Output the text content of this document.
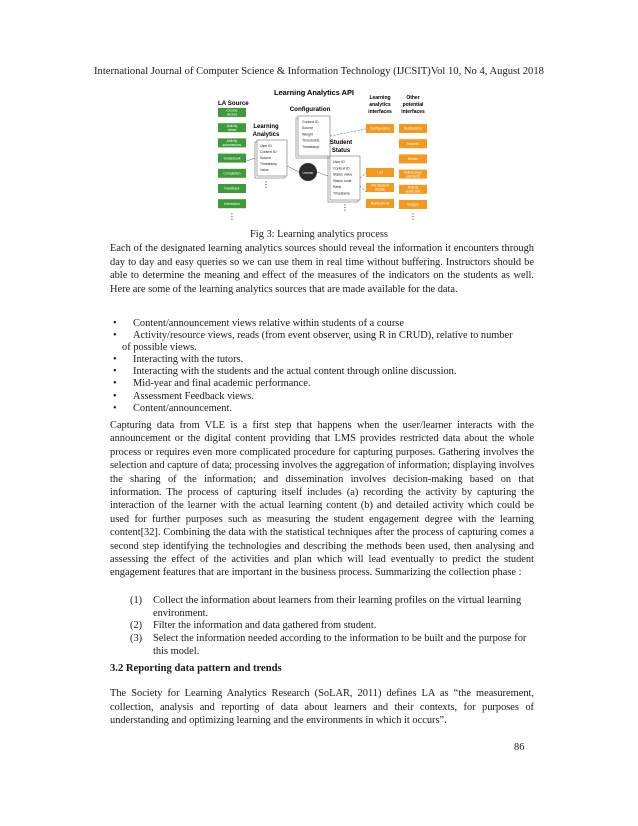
International Journal of Computer Science & Information Technology (IJCSIT)Vol 10, No 4, August 2018
Learning Analytics API
LA Source
Configuration
Learning
analytics
interfaces
Other
potential
interfaces
Course
access
Activity
views
Activity
submissions
Gradebook
Completion
Feedback
Interaction
Context ID
Source
Weight
Thresholds
Timestamp
Learning
Analytics
User ID
Context ID
Source
Timestamp
Value
⋮
Student
Status
User ID
Context ID
Status value
Status code
Rank
Timestamp
⋮
Learner
Configuration
List
Per student
details
Notifications
Notifications
Reports
Blocks
Follow page
elements
Activity
restriction
Badges
⋮	⋮
Fig 3: Learning analytics process

Each of the designated learning analytics sources should reveal the information it encounters through day to day and easy queries so we can use them in real time without buffering. Instructors should be able to determine the meaning and effect of the measures of the indicators on the students as well. Here are some of the learning analytics sources that are made available for the data.

• Content/announcement views relative within students of a course
• Activity/resource views, reads (from event observer, using R in CRUD), relative to number
of possible views.
• Interacting with the tutors.
• Interacting with the students and the actual content through online discussion.
• Mid-year and final academic performance.
• Assessment Feedback views.
• Content/announcement.

Capturing data from VLE is a first step that happens when the user/learner interacts with the announcement or the digital content providing that LMS provides restricted data about the whole process or requires even more complicated procedure for capturing purposes. Gathering involves the selection and capture of data; processing involves the aggregation of information; displaying involves the sharing of the information; and dissemination involves decision-making based on that information. The process of capturing itself includes (a) recording the activity by capturing the interaction of the learner with the actual learning content (b) and detailed activity which could be used for further purposes such as measuring the student engagement degree with the learning content[32]. Combining the data with the statistical techniques after the process of capturing comes a second step identifying the technologies and describing the methods been used, then analysing and assessing the effect of the activities and plan which will lead eventually to predict the student engagement features that are important in the business process. Summarizing the collection phase :

(1) Collect the information about learners from their learning profiles on the virtual learning environment.
(2) Filter the information and data gathered from student.
(3) Select the information needed according to the information to be built and the purpose for this model.
3.2 Reporting data pattern and trends

The Society for Learning Analytics Research (SoLAR, 2011) defines LA as “the measurement, collection, analysis and reporting of data about learners and their contexts, for purposes of understanding and optimizing learning and the environments in which it occurs”.

86
